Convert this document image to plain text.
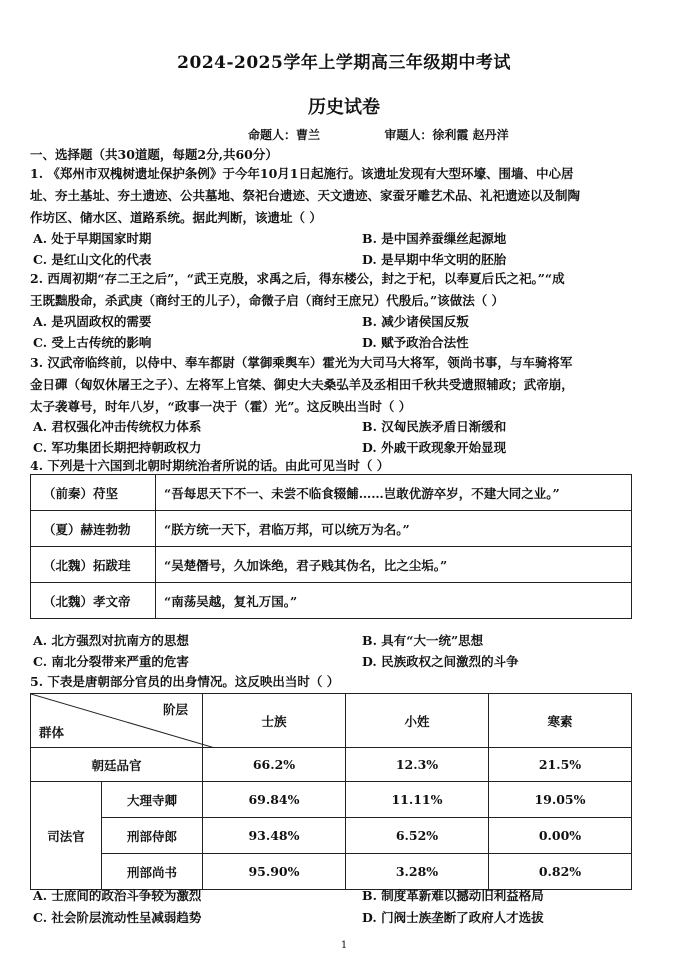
2024-2025学年上学期高三年级期中考试
历史试卷
命题人：曹兰	审题人：徐利霞 赵丹洋
一、选择题（共30道题，每题2分,共60分）
1. 《郑州市双槐树遗址保护条例》于今年10月1日起施行。该遗址发现有大型环壕、围墙、中心居
址、夯土基址、夯土遗迹、公共墓地、祭祀台遗迹、天文遗迹、家蚕牙雕艺术品、礼祀遗迹以及制陶
作坊区、储水区、道路系统。据此判断，该遗址（ ）
A. 处于早期国家时期	B. 是中国养蚕缫丝起源地
C. 是红山文化的代表	D. 是早期中华文明的胚胎
2. 西周初期“存二王之后”，“武王克殷，求禹之后，得东楼公，封之于杞，以奉夏后氏之祀。”“成
王既黜殷命，杀武庚（商纣王的儿子），命微子启（商纣王庶兄）代殷后。”该做法（ ）
A. 是巩固政权的需要	B. 减少诸侯国反叛
C. 受上古传统的影响	D. 赋予政治合法性
3. 汉武帝临终前，以侍中、奉车都尉（掌御乘舆车）霍光为大司马大将军，领尚书事，与车骑将军
金日磾（匈奴休屠王之子）、左将军上官桀、御史大夫桑弘羊及丞相田千秋共受遗照辅政；武帝崩，
太子袭尊号，时年八岁，“政事一决于（霍）光”。这反映出当时（ ）
A. 君权强化冲击传统权力体系	B. 汉匈民族矛盾日渐缓和
C. 军功集团长期把持朝政权力	D. 外戚干政现象开始显现
4. 下列是十六国到北朝时期统治者所说的话。由此可见当时（ ）
（前秦）苻坚	“吾每思天下不一、未尝不临食辍餔……岂敢优游卒岁，不建大同之业。”
（夏）赫连勃勃	“朕方统一天下，君临万邦，可以统万为名。”
（北魏）拓跋珪	“吴楚僭号，久加诛绝，君子贱其伪名，比之尘垢。”
（北魏）孝文帝	“南荡吴越，复礼万国。”
A. 北方强烈对抗南方的思想	B. 具有“大一统”思想
C. 南北分裂带来严重的危害	D. 民族政权之间激烈的斗争
5. 下表是唐朝部分官员的出身情况。这反映出当时（ ）
阶层
群体		士族	小姓	寒素
朝廷品官		66.2%	12.3%	21.5%
司法官	大理寺卿	69.84%	11.11%	19.05%
	刑部侍郎	93.48%	6.52%	0.00%
	刑部尚书	95.90%	3.28%	0.82%
A. 士庶间的政治斗争较为激烈	B. 制度革新难以撼动旧利益格局
C. 社会阶层流动性呈减弱趋势	D. 门阀士族垄断了政府人才选拔
1
